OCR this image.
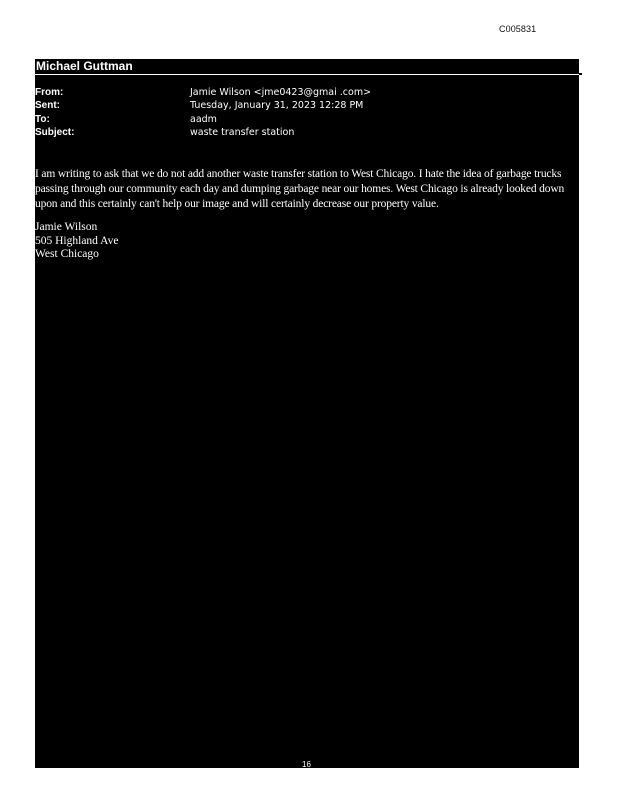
C005831
Michael Guttman
From:	Jamie Wilson <jme0423@gmai .com>
Sent:	Tuesday, January 31, 2023 12:28 PM
To:	aadm
Subject:	waste transfer station

I am writing to ask that we do not add another waste transfer station to West Chicago. I hate the idea of garbage trucks passing through our community each day and dumping garbage near our homes. West Chicago is already looked down upon and this certainly can't help our image and will certainly decrease our property value.

Jamie Wilson
505 Highland Ave
West Chicago
16
